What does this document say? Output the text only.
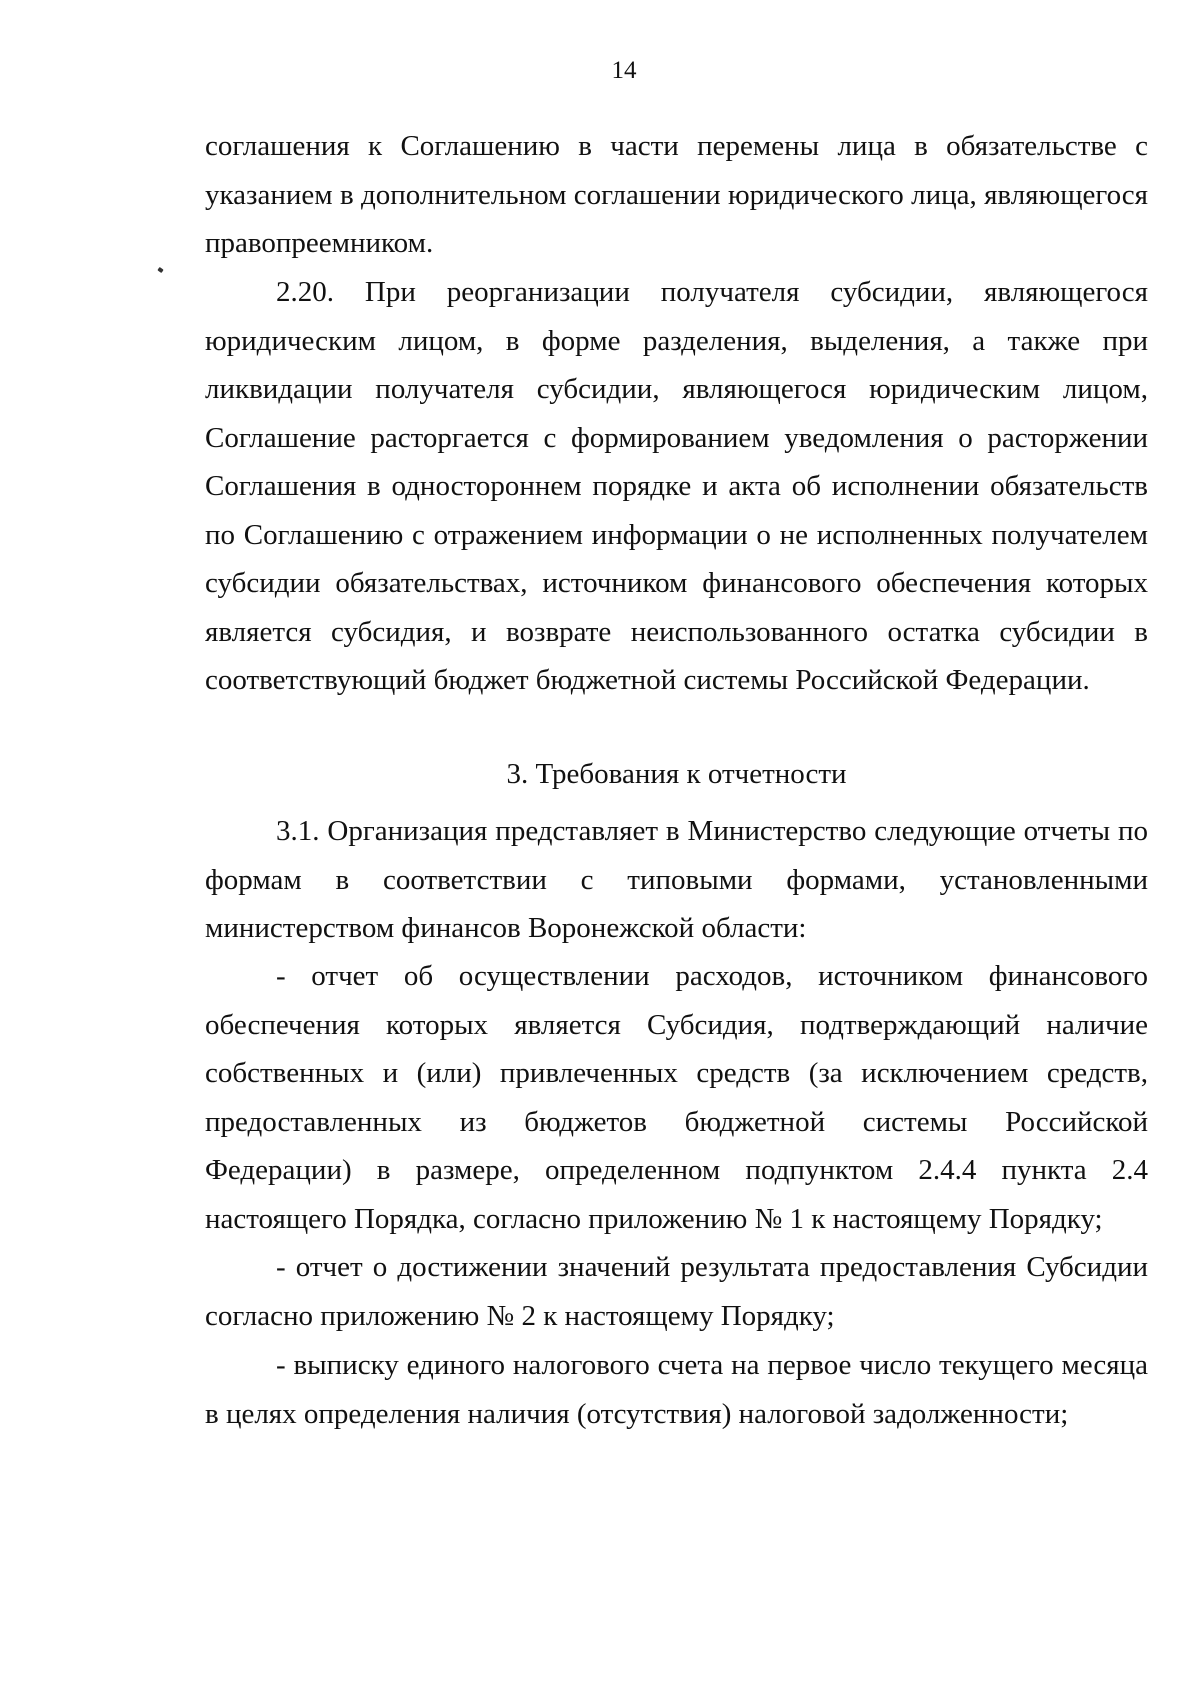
14

соглашения к Соглашению в части перемены лица в обязательстве с указанием в дополнительном соглашении юридического лица, являющегося правопреемником.

2.20. При реорганизации получателя субсидии, являющегося юридическим лицом, в форме разделения, выделения, а также при ликвидации получателя субсидии, являющегося юридическим лицом, Соглашение расторгается с формированием уведомления о расторжении Соглашения в одностороннем порядке и акта об исполнении обязательств по Соглашению с отражением информации о не исполненных получателем субсидии обязательствах, источником финансового обеспечения которых является субсидия, и возврате неиспользованного остатка субсидии в соответствующий бюджет бюджетной системы Российской Федерации.

3. Требования к отчетности

3.1. Организация представляет в Министерство следующие отчеты по формам в соответствии с типовыми формами, установленными министерством финансов Воронежской области:

- отчет об осуществлении расходов, источником финансового обеспечения которых является Субсидия, подтверждающий наличие собственных и (или) привлеченных средств (за исключением средств, предоставленных из бюджетов бюджетной системы Российской Федерации) в размере, определенном подпунктом 2.4.4 пункта 2.4 настоящего Порядка, согласно приложению № 1 к настоящему Порядку;

- отчет о достижении значений результата предоставления Субсидии согласно приложению № 2 к настоящему Порядку;

- выписку единого налогового счета на первое число текущего месяца в целях определения наличия (отсутствия) налоговой задолженности;
